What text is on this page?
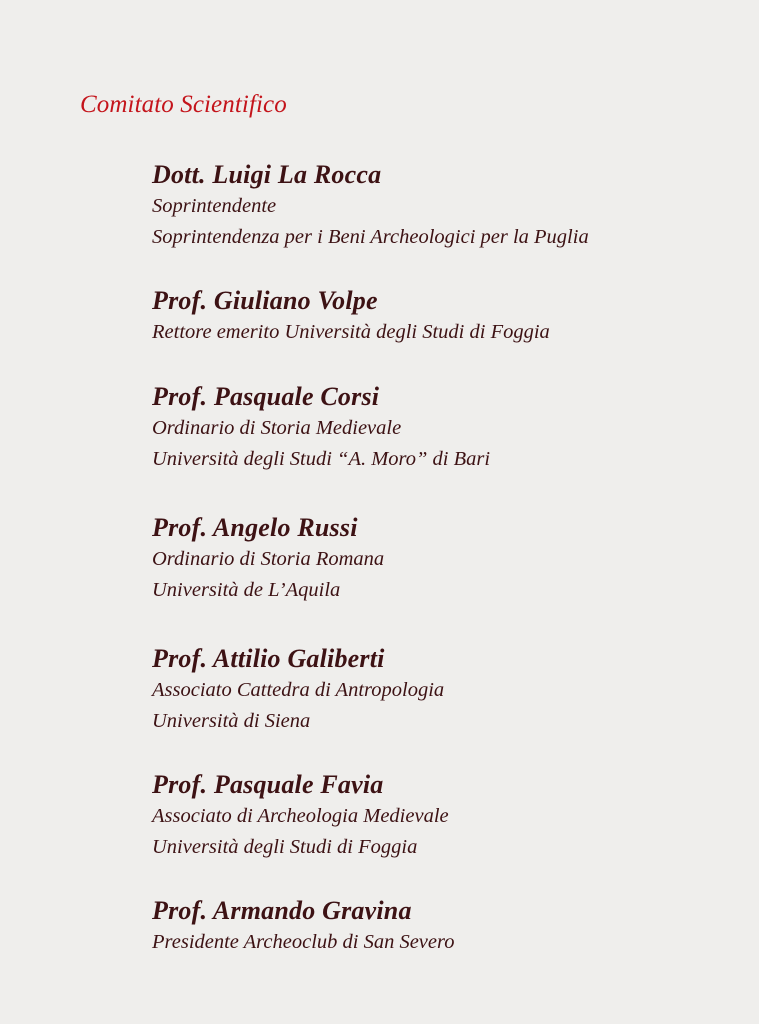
Comitato Scientifico

Dott. Luigi La Rocca

Soprintendente

Soprintendenza per i Beni Archeologici per la Puglia

Prof. Giuliano Volpe

Rettore emerito Università degli Studi di Foggia

Prof. Pasquale Corsi

Ordinario di Storia Medievale

Università degli Studi “A. Moro” di Bari

Prof. Angelo Russi

Ordinario di Storia Romana

Università de L’Aquila

Prof. Attilio Galiberti

Associato Cattedra di Antropologia

Università di Siena

Prof. Pasquale Favia

Associato di Archeologia Medievale

Università degli Studi di Foggia

Prof. Armando Gravina

Presidente Archeoclub di San Severo
